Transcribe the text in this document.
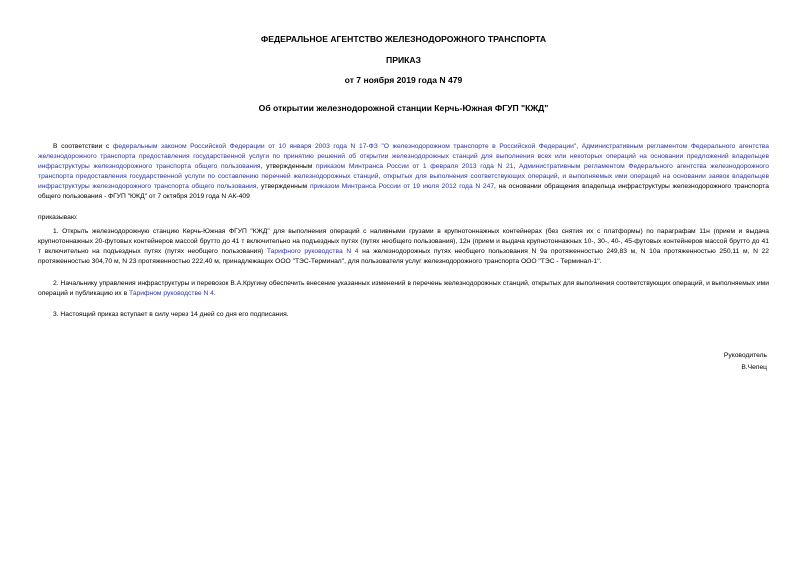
ФЕДЕРАЛЬНОЕ АГЕНТСТВО ЖЕЛЕЗНОДОРОЖНОГО ТРАНСПОРТА
ПРИКАЗ
от 7 ноября 2019 года N 479
Об открытии железнодорожной станции Керчь-Южная ФГУП "КЖД"

В соответствии с федеральным законом Российской Федерации от 10 января 2003 года N 17-ФЗ "О железнодорожном транспорте в Российской Федерации", Административным регламентом Федерального агентства железнодорожного транспорта предоставления государственной услуги по принятию решений об открытии железнодорожных станций для выполнения всех или некоторых операций на основании предложений владельцев инфраструктуры железнодорожного транспорта общего пользования, утвержденным приказом Минтранса России от 1 февраля 2013 года N 21, Административным регламентом Федерального агентства железнодорожного транспорта предоставления государственной услуги по составлению перечней железнодорожных станций, открытых для выполнения соответствующих операций, и выполняемых ими операций на основании заявок владельцев инфраструктуры железнодорожного транспорта общего пользования, утвержденным приказом Минтранса России от 19 июля 2012 года N 247, на основании обращения владельца инфраструктуры железнодорожного транспорта общего пользования - ФГУП "КЖД" от 7 октября 2019 года N АК-409

приказываю:

1. Открыть железнодорожную станцию Керчь-Южная ФГУП "КЖД" для выполнения операций с наливными грузами в крупнотоннажных контейнерах (без снятия их с платформы) по параграфам 11н (прием и выдача крупнотоннажных 20-футовых контейнеров массой брутто до 41 т включительно на подъездных путях (путях необщего пользования), 12н (прием и выдача крупнотоннажных 10-, 30-, 40-, 45-футовых контейнеров массой брутто до 41 т включительно на подъездных путях (путях необщего пользования) Тарифного руководства N 4 на железнодорожных путях необщего пользования N 9а протяженностью 249,83 м, N 10а протяженностью 250,11 м, N 22 протяженностью 304,70 м, N 23 протяженностью 222,40 м, принадлежащих ООО "ТЭС-Терминал", для пользователя услуг железнодорожного транспорта ООО "ТЭС - Терминал-1".

2. Начальнику управления инфраструктуры и перевозок В.А.Кругину обеспечить внесение указанных изменений в перечень железнодорожных станций, открытых для выполнения соответствующих операций, и выполняемых ими операций и публикацию их в Тарифном руководстве N 4.

3. Настоящий приказ вступает в силу через 14 дней со дня его подписания.

Руководитель
В.Чепец
